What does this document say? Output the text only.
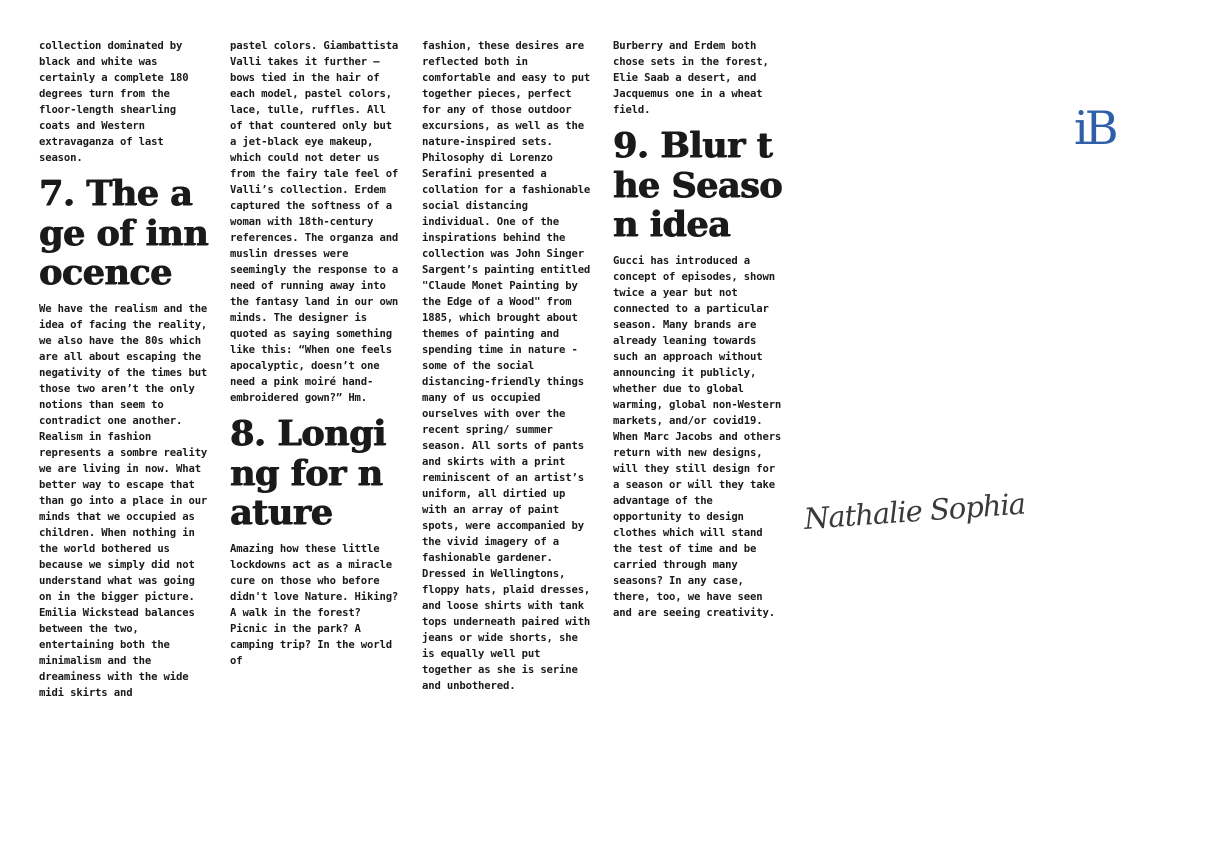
collection dominated by black and white was certainly a complete 180 degrees turn from the floor-length shearling coats and Western extravaganza of last season.

7. The age of innocence

We have the realism and the idea of facing the reality, we also have the 80s which are all about escaping the negativity of the times but those two aren’t the only notions than seem to contradict one another. Realism in fashion represents a sombre reality we are living in now. What better way to escape that than go into a place in our minds that we occupied as children. When nothing in the world bothered us because we simply did not understand what was going on in the bigger picture. Emilia Wickstead balances between the two, entertaining both the minimalism and the dreaminess with the wide midi skirts and

pastel colors. Giambattista Valli takes it further – bows tied in the hair of each model, pastel colors, lace, tulle, ruffles. All of that countered only but a jet-black eye makeup, which could not deter us from the fairy tale feel of Valli’s collection. Erdem captured the softness of a woman with 18th-century references. The organza and muslin dresses were seemingly the response to a need of running away into the fantasy land in our own minds. The designer is quoted as saying something like this: “When one feels apocalyptic, doesn’t one need a pink moiré hand-embroidered gown?” Hm.

8. Longing for nature

Amazing how these little lockdowns act as a miracle cure on those who before didn't love Nature. Hiking? A walk in the forest? Picnic in the park? A camping trip? In the world of

fashion, these desires are reflected both in comfortable and easy to put together pieces, perfect for any of those outdoor excursions, as well as the nature-inspired sets. Philosophy di Lorenzo Serafini presented a collation for a fashionable social distancing individual. One of the inspirations behind the collection was John Singer Sargent’s painting entitled "Claude Monet Painting by the Edge of a Wood" from 1885, which brought about themes of painting and spending time in nature - some of the social distancing-friendly things many of us occupied ourselves with over the recent spring/ summer season. All sorts of pants and skirts with a print reminiscent of an artist’s uniform, all dirtied up with an array of paint spots, were accompanied by the vivid imagery of a fashionable gardener. Dressed in Wellingtons, floppy hats, plaid dresses, and loose shirts with tank tops underneath paired with jeans or wide shorts, she is equally well put together as she is serine and unbothered.

Burberry and Erdem both chose sets in the forest, Elie Saab a desert, and Jacquemus one in a wheat field.

9. Blur the Season idea

Gucci has introduced a concept of episodes, shown twice a year but not connected to a particular season. Many brands are already leaning towards such an approach without announcing it publicly, whether due to global warming, global non-Western markets, and/or covid19. When Marc Jacobs and others return with new designs, will they still design for a season or will they take advantage of the opportunity to design clothes which will stand the test of time and be carried through many seasons? In any case, there, too, we have seen and are seeing creativity.

iB
Nathalie Sophia
